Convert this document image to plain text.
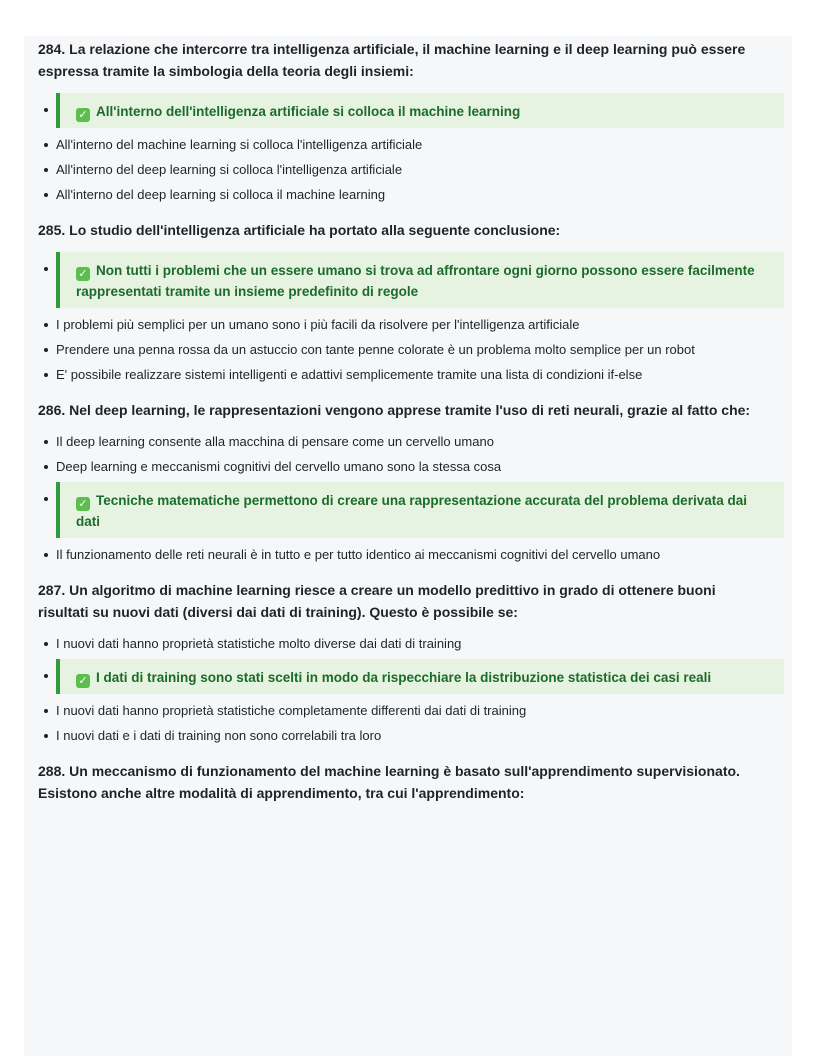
284. La relazione che intercorre tra intelligenza artificiale, il machine learning e il deep learning può essere espressa tramite la simbologia della teoria degli insiemi:

✓ All'interno dell'intelligenza artificiale si colloca il machine learning
All'interno del machine learning si colloca l'intelligenza artificiale
All'interno del deep learning si colloca l'intelligenza artificiale
All'interno del deep learning si colloca il machine learning

285. Lo studio dell'intelligenza artificiale ha portato alla seguente conclusione:

✓ Non tutti i problemi che un essere umano si trova ad affrontare ogni giorno possono essere facilmente rappresentati tramite un insieme predefinito di regole
I problemi più semplici per un umano sono i più facili da risolvere per l'intelligenza artificiale
Prendere una penna rossa da un astuccio con tante penne colorate è un problema molto semplice per un robot
E' possibile realizzare sistemi intelligenti e adattivi semplicemente tramite una lista di condizioni if-else

286. Nel deep learning, le rappresentazioni vengono apprese tramite l'uso di reti neurali, grazie al fatto che:

Il deep learning consente alla macchina di pensare come un cervello umano
Deep learning e meccanismi cognitivi del cervello umano sono la stessa cosa
✓ Tecniche matematiche permettono di creare una rappresentazione accurata del problema derivata dai dati
Il funzionamento delle reti neurali è in tutto e per tutto identico ai meccanismi cognitivi del cervello umano

287. Un algoritmo di machine learning riesce a creare un modello predittivo in grado di ottenere buoni risultati su nuovi dati (diversi dai dati di training). Questo è possibile se:

I nuovi dati hanno proprietà statistiche molto diverse dai dati di training
✓ I dati di training sono stati scelti in modo da rispecchiare la distribuzione statistica dei casi reali
I nuovi dati hanno proprietà statistiche completamente differenti dai dati di training
I nuovi dati e i dati di training non sono correlabili tra loro

288. Un meccanismo di funzionamento del machine learning è basato sull'apprendimento supervisionato. Esistono anche altre modalità di apprendimento, tra cui l'apprendimento:
